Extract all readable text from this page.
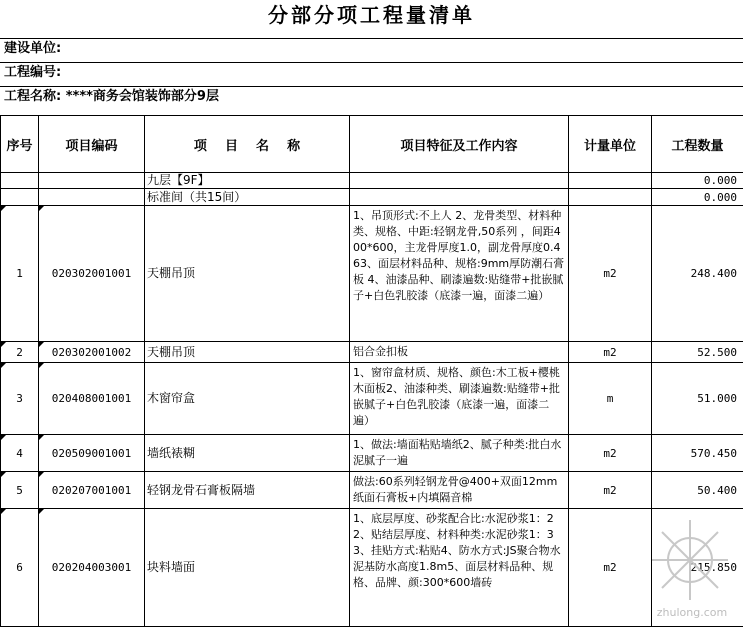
分部分项工程量清单
建设单位:
工程编号:
工程名称: ****商务会馆装饰部分9层
序号	项目编码	项    目    名    称	项目特征及工作内容	计量单位	工程数量
		九层【9F】			0.000
		标准间（共15间）			0.000
1	020302001001	天棚吊顶	1、吊顶形式:不上人 2、龙骨类型、材料种类、规格、中距:轻钢龙骨,50系列 ，间距400*600，主龙骨厚度1.0，副龙骨厚度0.463、面层材料品种、规格:9mm厚防潮石膏板 4、油漆品种、刷漆遍数:贴缝带+批嵌腻子+白色乳胶漆（底漆一遍，面漆二遍）	m2	248.400
2	020302001002	天棚吊顶	铝合金扣板	m2	52.500
3	020408001001	木窗帘盒	1、窗帘盒材质、规格、颜色:木工板+樱桃木面板2、油漆种类、刷漆遍数:贴缝带+批嵌腻子+白色乳胶漆（底漆一遍，面漆二遍）	m	51.000
4	020509001001	墙纸裱糊	1、做法:墙面粘贴墙纸2、腻子种类:批白水泥腻子一遍	m2	570.450
5	020207001001	轻钢龙骨石膏板隔墙	做法:60系列轻钢龙骨@400+双面12mm纸面石膏板+内填隔音棉	m2	50.400
6	020204003001	块料墙面	1、底层厚度、砂浆配合比:水泥砂浆1：22、贴结层厚度、材料种类:水泥砂浆1：33、挂贴方式:粘贴4、防水方式:JS聚合物水泥基防水高度1.8m5、面层材料品种、规格、品牌、颜:300*600墙砖	m2	215.850
zhulong.com
